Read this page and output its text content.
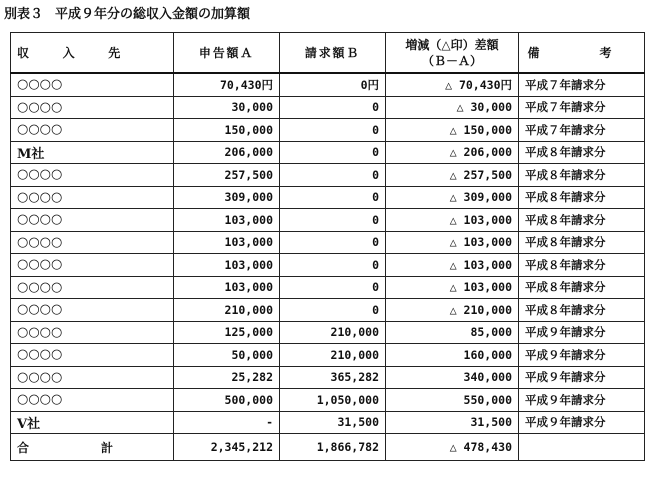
別表３ 平成９年分の総収入金額の加算額
収　入　先	申告額Ａ	請求額Ｂ	増減（△印）差額
（Ｂ－Ａ）	備　考
○○○○	70,430円	0円	△ 70,430円	平成７年請求分
○○○○	30,000	0	△ 30,000	平成７年請求分
○○○○	150,000	0	△ 150,000	平成７年請求分
M社	206,000	0	△ 206,000	平成８年請求分
○○○○	257,500	0	△ 257,500	平成８年請求分
○○○○	309,000	0	△ 309,000	平成８年請求分
○○○○	103,000	0	△ 103,000	平成８年請求分
○○○○	103,000	0	△ 103,000	平成８年請求分
○○○○	103,000	0	△ 103,000	平成８年請求分
○○○○	103,000	0	△ 103,000	平成８年請求分
○○○○	210,000	0	△ 210,000	平成８年請求分
○○○○	125,000	210,000	85,000	平成９年請求分
○○○○	50,000	210,000	160,000	平成９年請求分
○○○○	25,282	365,282	340,000	平成９年請求分
○○○○	500,000	1,050,000	550,000	平成９年請求分
V社	-	31,500	31,500	平成９年請求分
合　計	2,345,212	1,866,782	△ 478,430	
